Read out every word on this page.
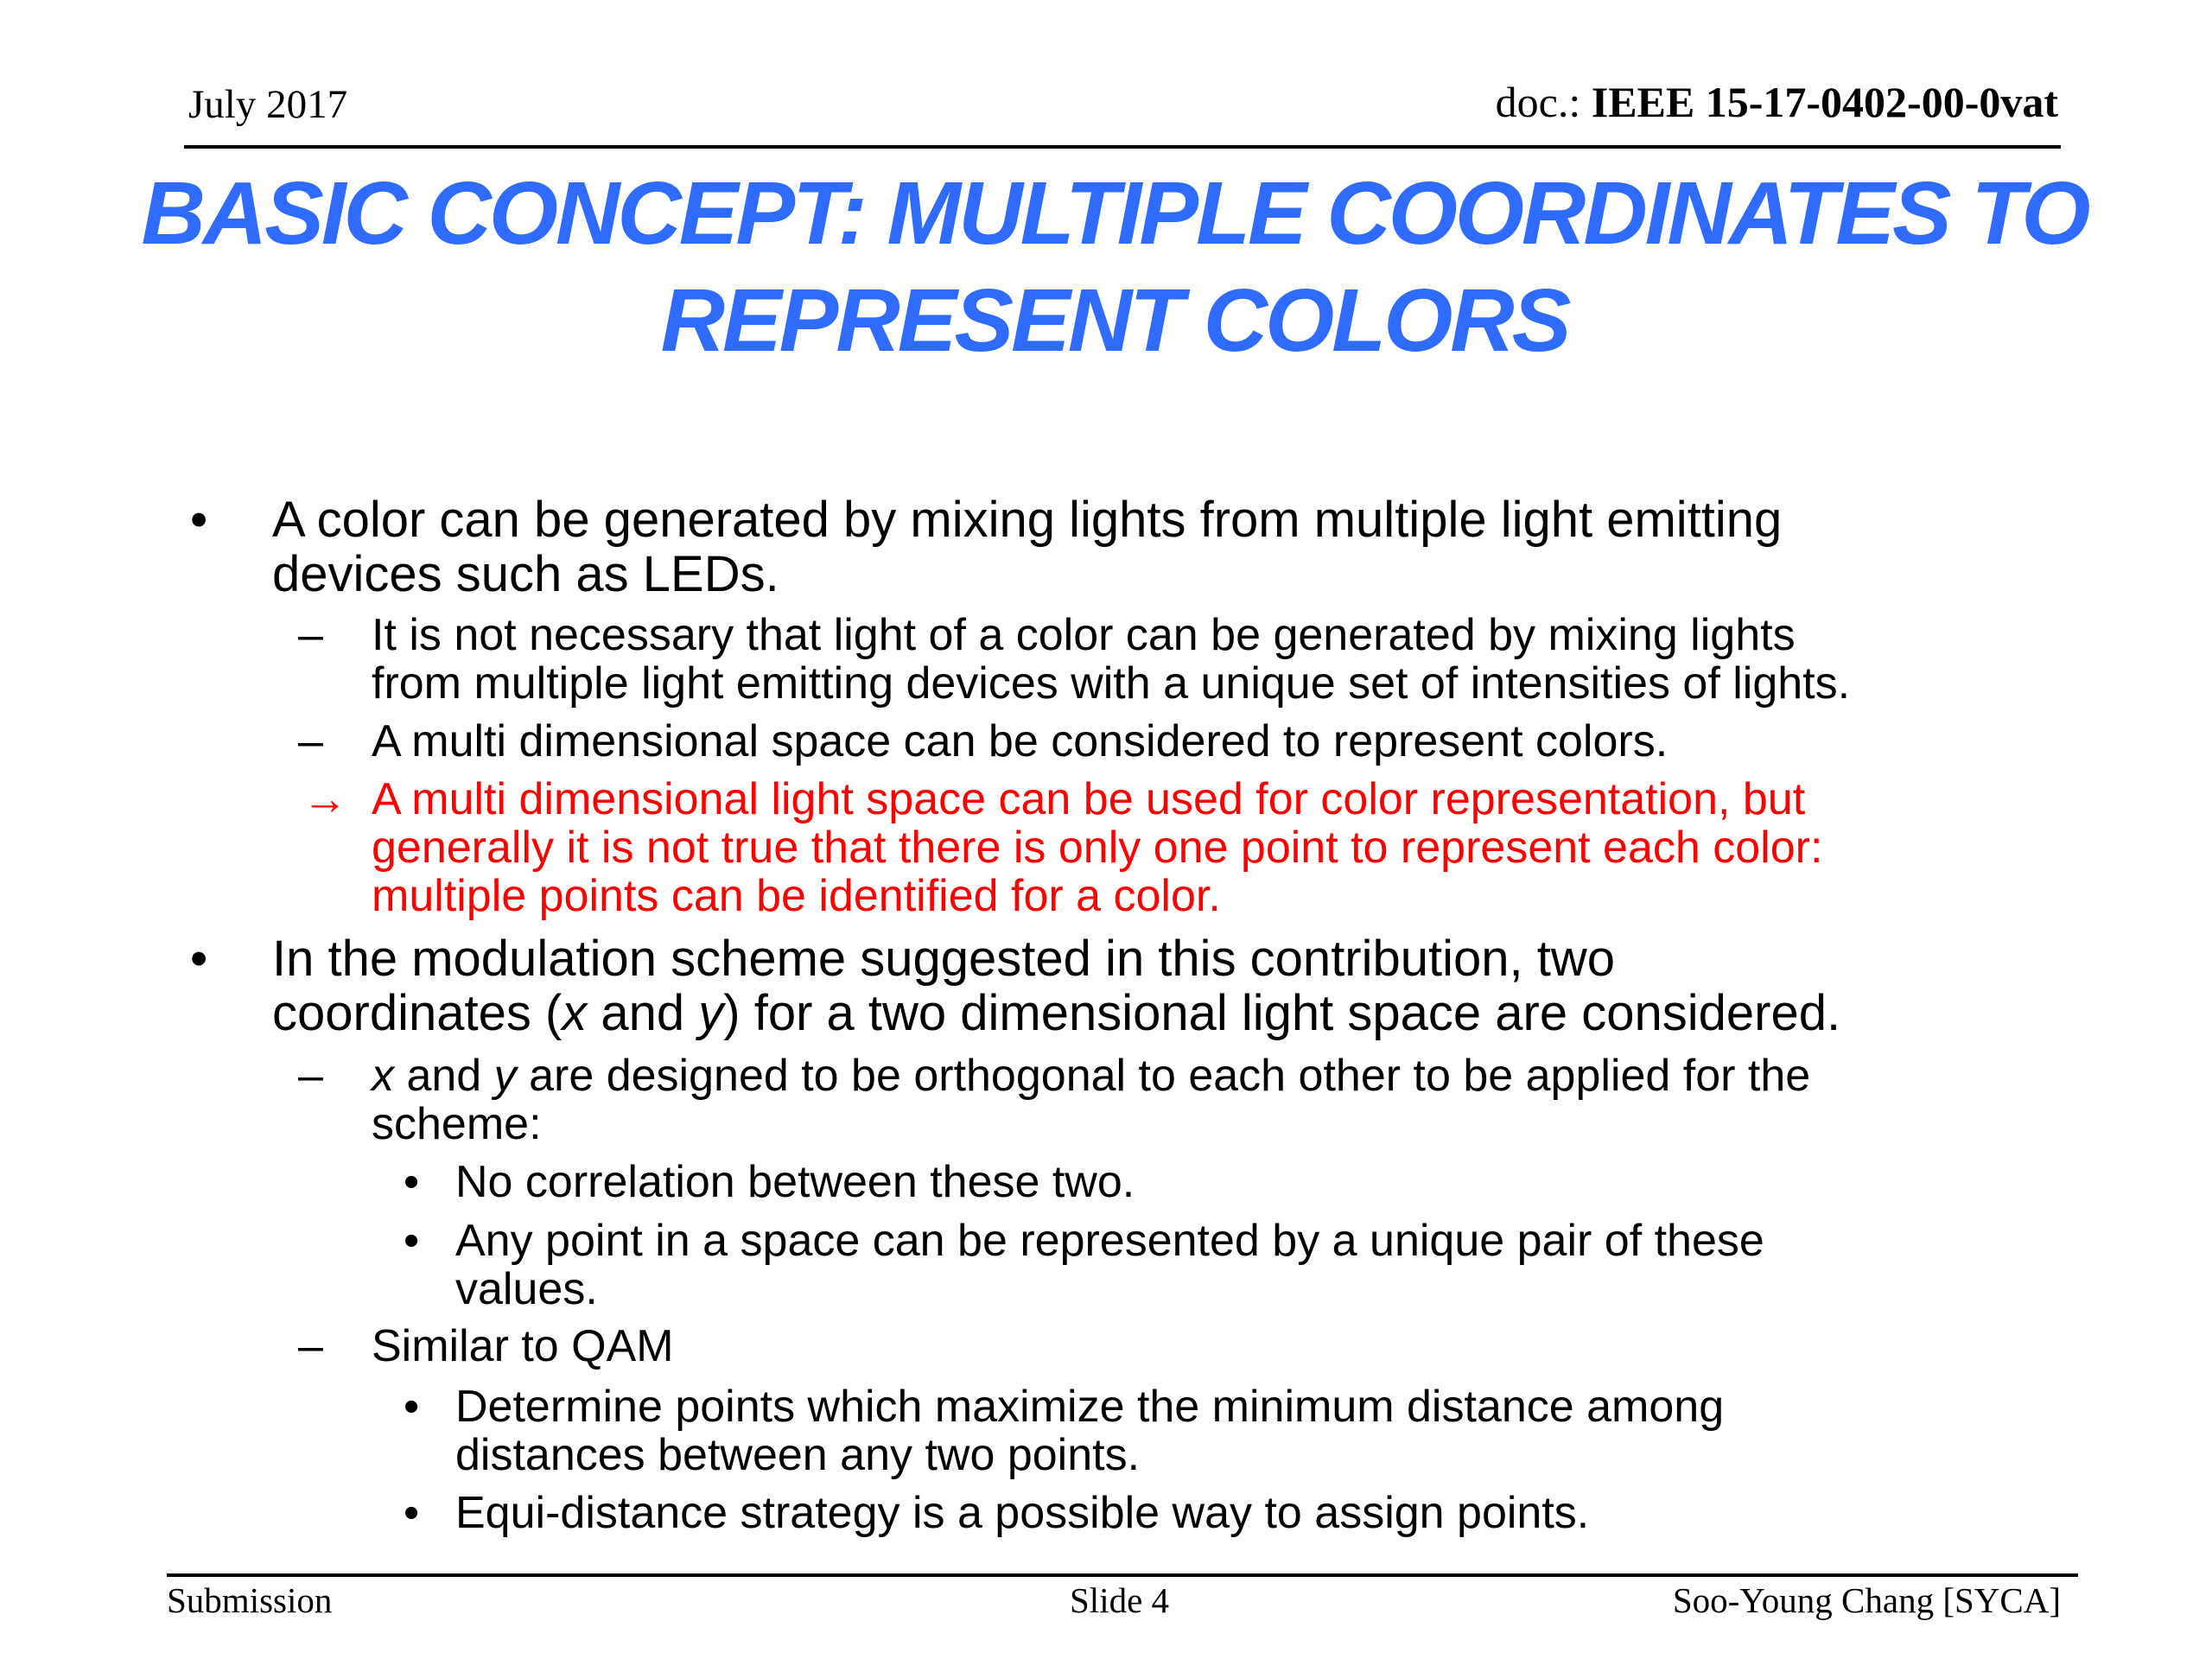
July 2017	doc.: IEEE 15-17-0402-00-0vat
BASIC CONCEPT: MULTIPLE COORDINATES TO
REPRESENT COLORS
• A color can be generated by mixing lights from multiple light emitting
devices such as LEDs.
– It is not necessary that light of a color can be generated by mixing lights
from multiple light emitting devices with a unique set of intensities of lights.
– A multi dimensional space can be considered to represent colors.
→ A multi dimensional light space can be used for color representation, but
generally it is not true that there is only one point to represent each color:
multiple points can be identified for a color.
• In the modulation scheme suggested in this contribution, two
coordinates (x and y) for a two dimensional light space are considered.
– x and y are designed to be orthogonal to each other to be applied for the
scheme:
• No correlation between these two.
• Any point in a space can be represented by a unique pair of these
values.
– Similar to QAM
• Determine points which maximize the minimum distance among
distances between any two points.
• Equi-distance strategy is a possible way to assign points.
Submission	Slide 4	Soo-Young Chang [SYCA]
